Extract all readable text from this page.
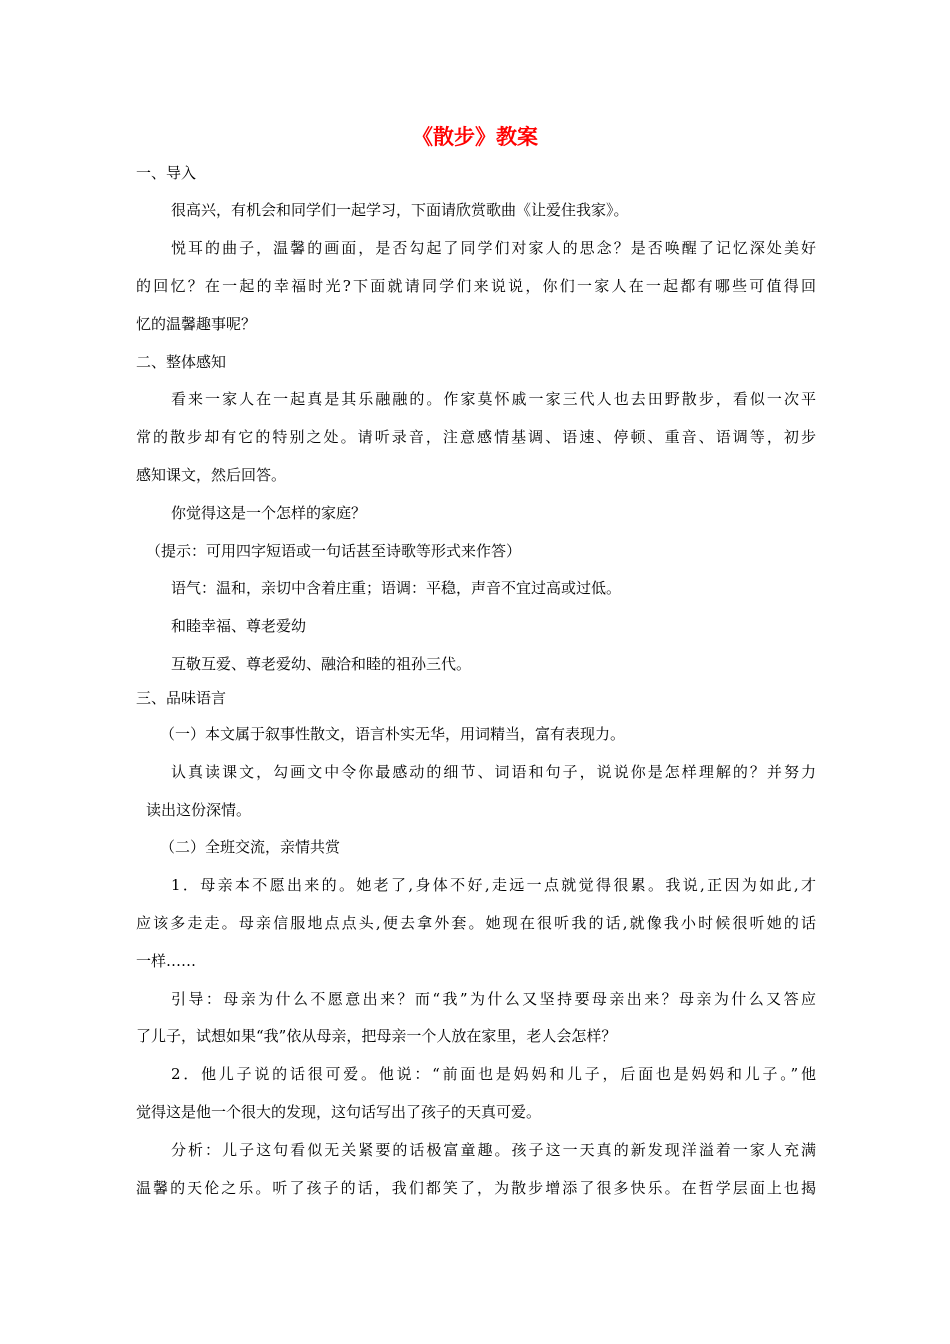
《散步》教案
一、导入
很高兴，有机会和同学们一起学习，下面请欣赏歌曲《让爱住我家》。
悦耳的曲子，温馨的画面，是否勾起了同学们对家人的思念？是否唤醒了记忆深处美好
的回忆？在一起的幸福时光?下面就请同学们来说说，你们一家人在一起都有哪些可值得回
忆的温馨趣事呢？
二、整体感知
看来一家人在一起真是其乐融融的。作家莫怀戚一家三代人也去田野散步，看似一次平
常的散步却有它的特别之处。请听录音，注意感情基调、语速、停顿、重音、语调等，初步
感知课文，然后回答。
你觉得这是一个怎样的家庭？
（提示：可用四字短语或一句话甚至诗歌等形式来作答）
语气：温和，亲切中含着庄重；语调：平稳，声音不宜过高或过低。
和睦幸福、尊老爱幼
互敬互爱、尊老爱幼、融洽和睦的祖孙三代。
三、品味语言
（一）本文属于叙事性散文，语言朴实无华，用词精当，富有表现力。
认真读课文，勾画文中令你最感动的细节、词语和句子，说说你是怎样理解的？并努力
读出这份深情。
（二）全班交流，亲情共赏
1．母亲本不愿出来的。她老了,身体不好,走远一点就觉得很累。我说,正因为如此,才
应该多走走。母亲信服地点点头,便去拿外套。她现在很听我的话,就像我小时候很听她的话
一样……
引导：母亲为什么不愿意出来？而“我”为什么又坚持要母亲出来？母亲为什么又答应
了儿子，试想如果“我”依从母亲，把母亲一个人放在家里，老人会怎样？
2．他儿子说的话很可爱。他说：“前面也是妈妈和儿子，后面也是妈妈和儿子。”他
觉得这是他一个很大的发现，这句话写出了孩子的天真可爱。
分析：儿子这句看似无关紧要的话极富童趣。孩子这一天真的新发现洋溢着一家人充满
温馨的天伦之乐。听了孩子的话，我们都笑了，为散步增添了很多快乐。在哲学层面上也揭
